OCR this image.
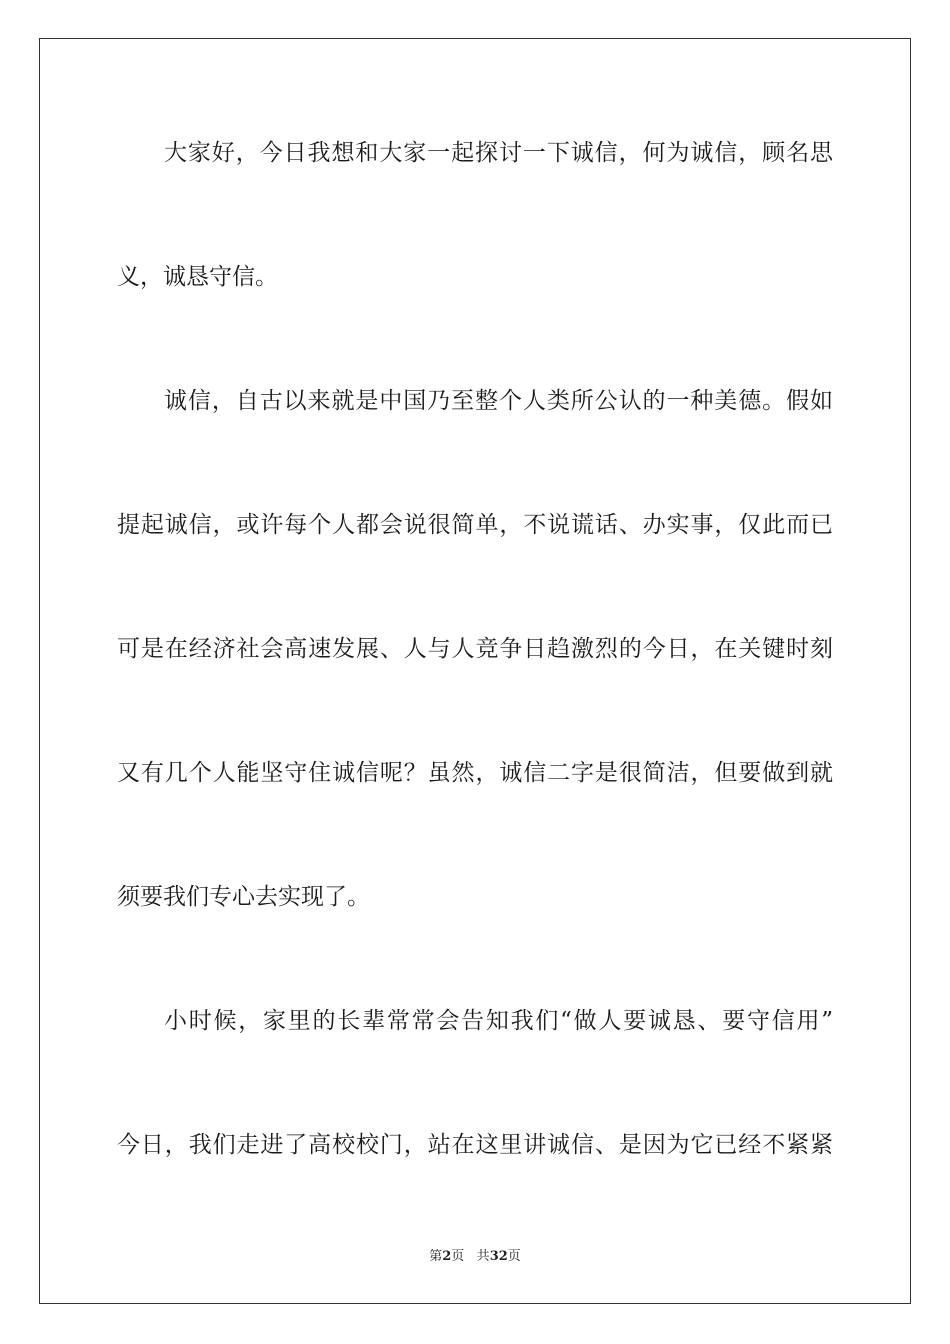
大家好，今日我想和大家一起探讨一下诚信，何为诚信，顾名思
义，诚恳守信。
诚信，自古以来就是中国乃至整个人类所公认的一种美德。假如
提起诚信，或许每个人都会说很简单，不说谎话、办实事，仅此而已
可是在经济社会高速发展、人与人竞争日趋激烈的今日，在关键时刻
又有几个人能坚守住诚信呢？虽然，诚信二字是很简洁，但要做到就
须要我们专心去实现了。
小时候，家里的长辈常常会告知我们“做人要诚恳、要守信用”
今日，我们走进了高校校门，站在这里讲诚信、是因为它已经不紧紧
第2页 共32页
